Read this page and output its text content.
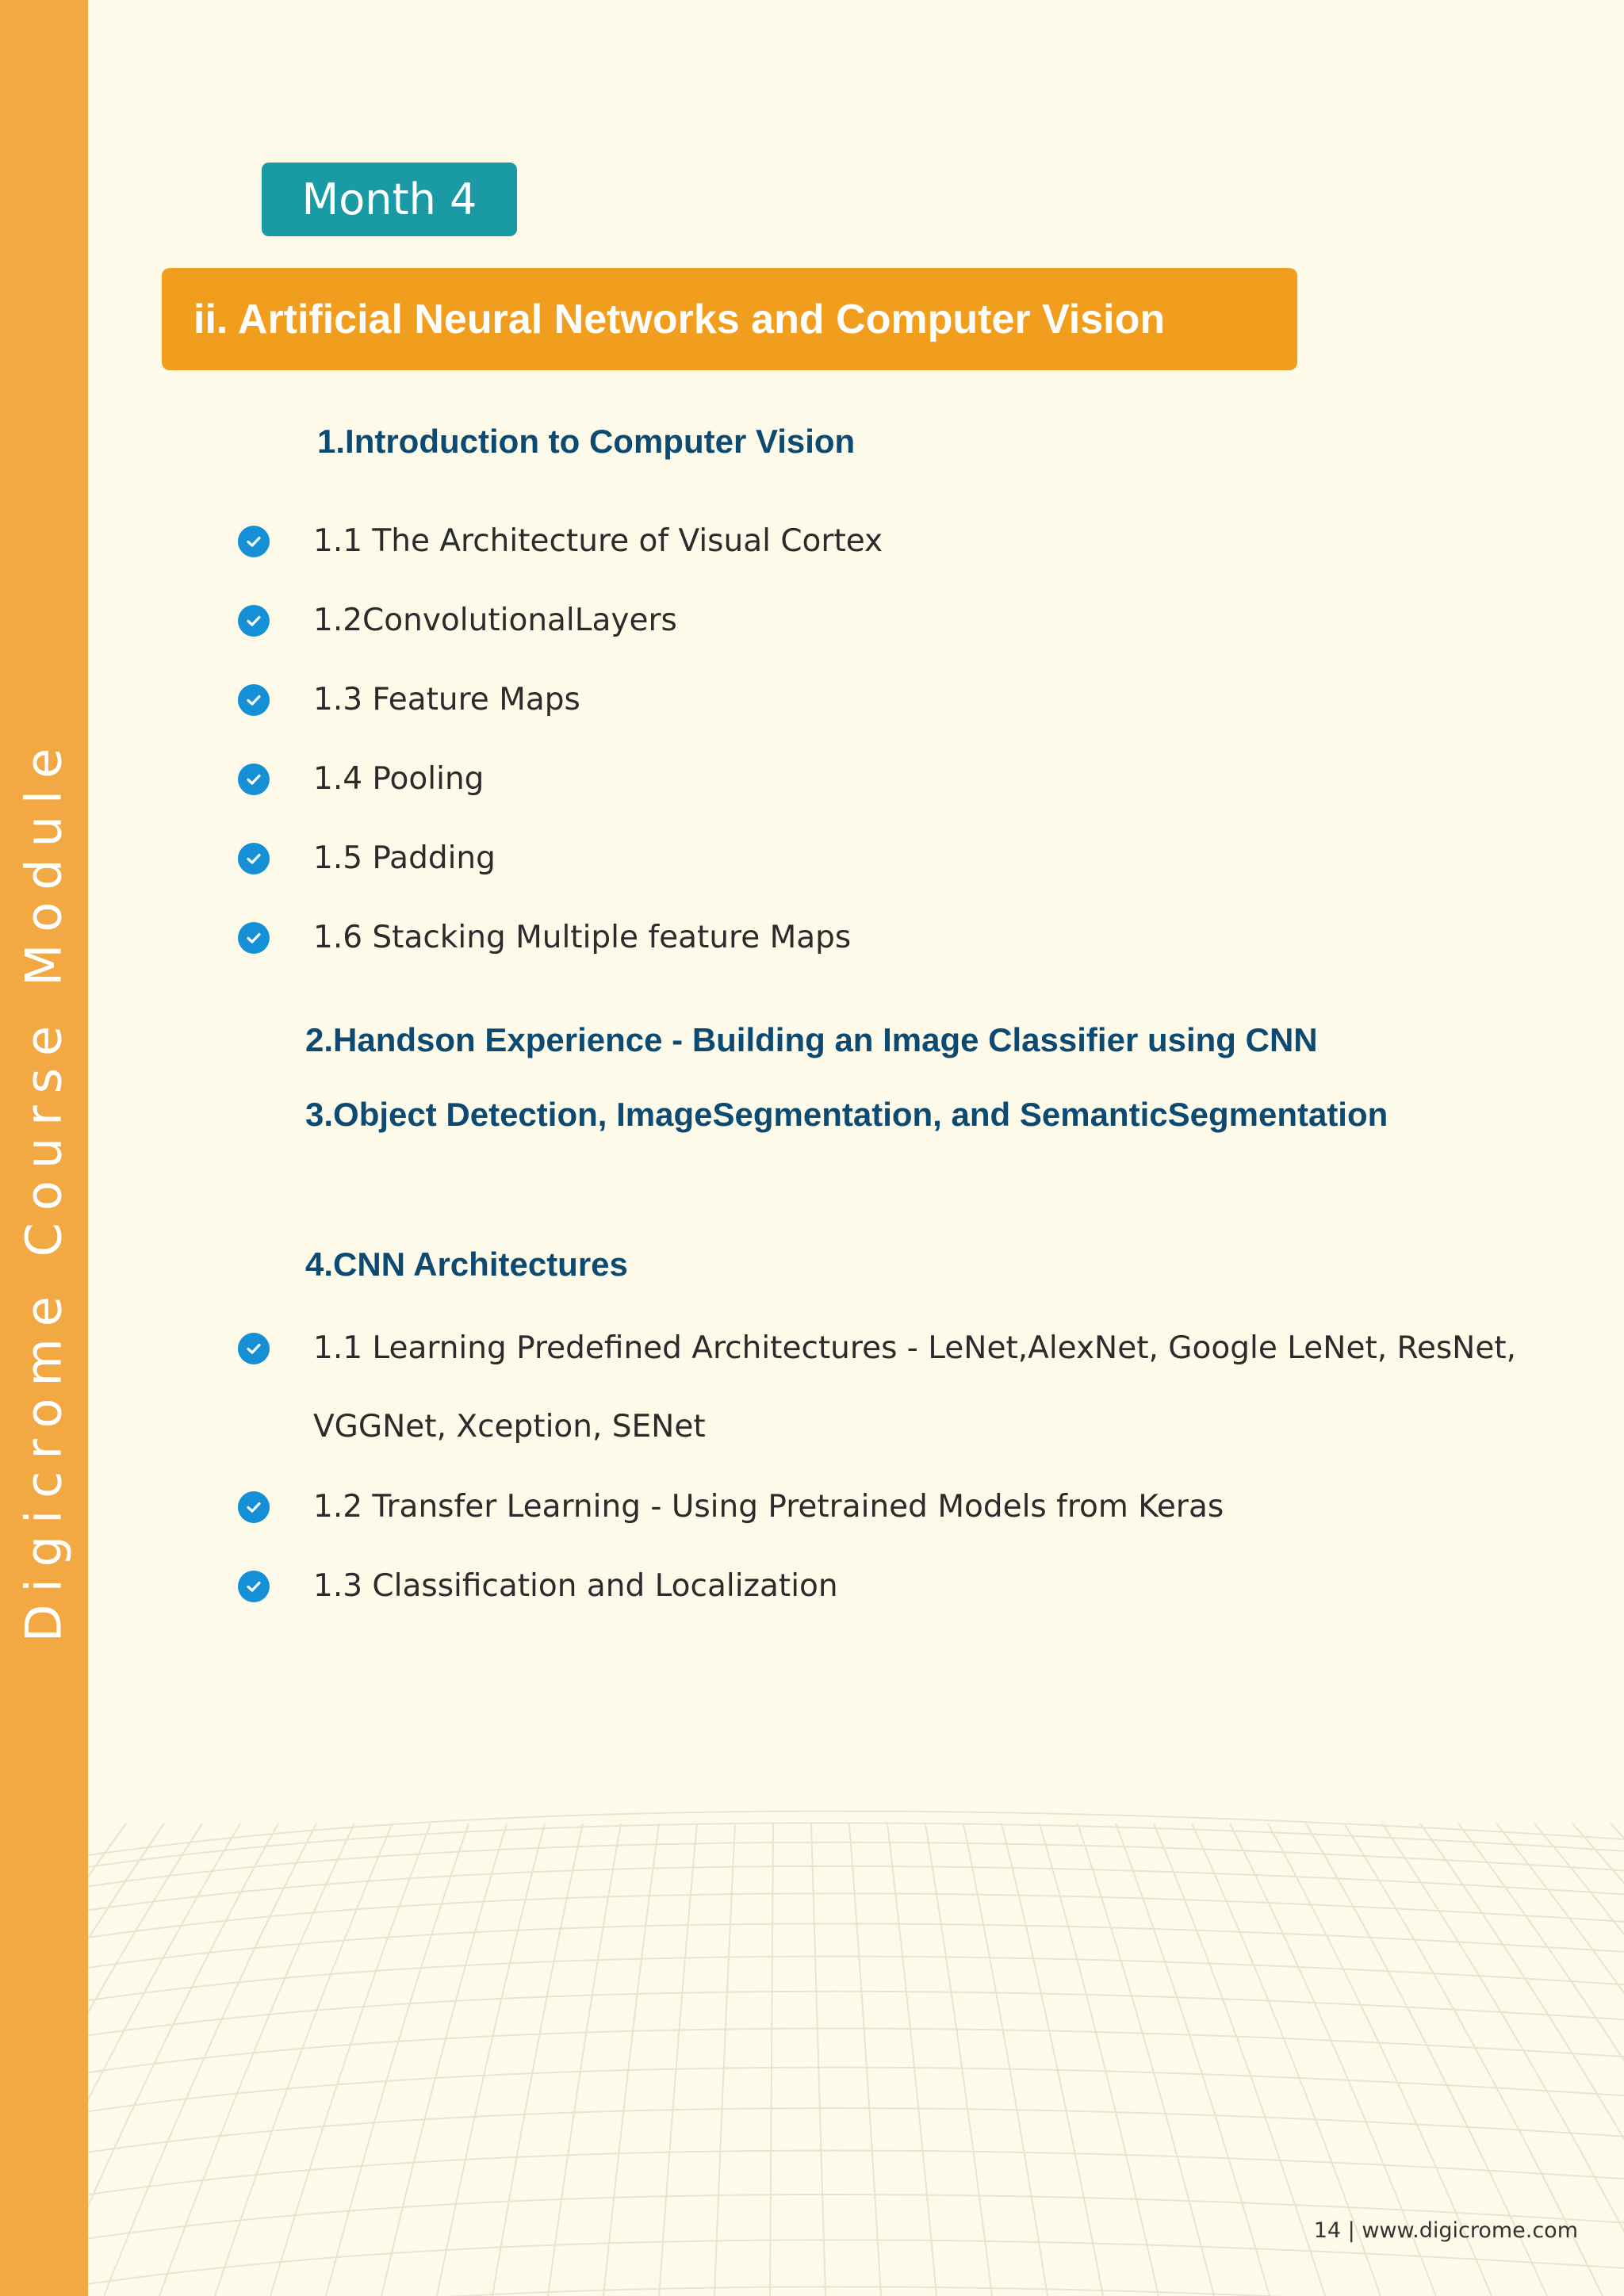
Digicrome Course Module
Month 4
ii. Artificial Neural Networks and Computer Vision
1.Introduction to Computer Vision
1.1 The Architecture of Visual Cortex
1.2ConvolutionalLayers
1.3 Feature Maps
1.4 Pooling
1.5 Padding
1.6 Stacking Multiple feature Maps
2.Handson Experience - Building an Image Classifier using CNN
3.Object Detection, ImageSegmentation, and SemanticSegmentation
4.CNN Architectures
1.1 Learning Predefined Architectures - LeNet,AlexNet, Google LeNet, ResNet,
VGGNet, Xception, SENet
1.2 Transfer Learning - Using Pretrained Models from Keras
1.3 Classification and Localization
14 | www.digicrome.com
